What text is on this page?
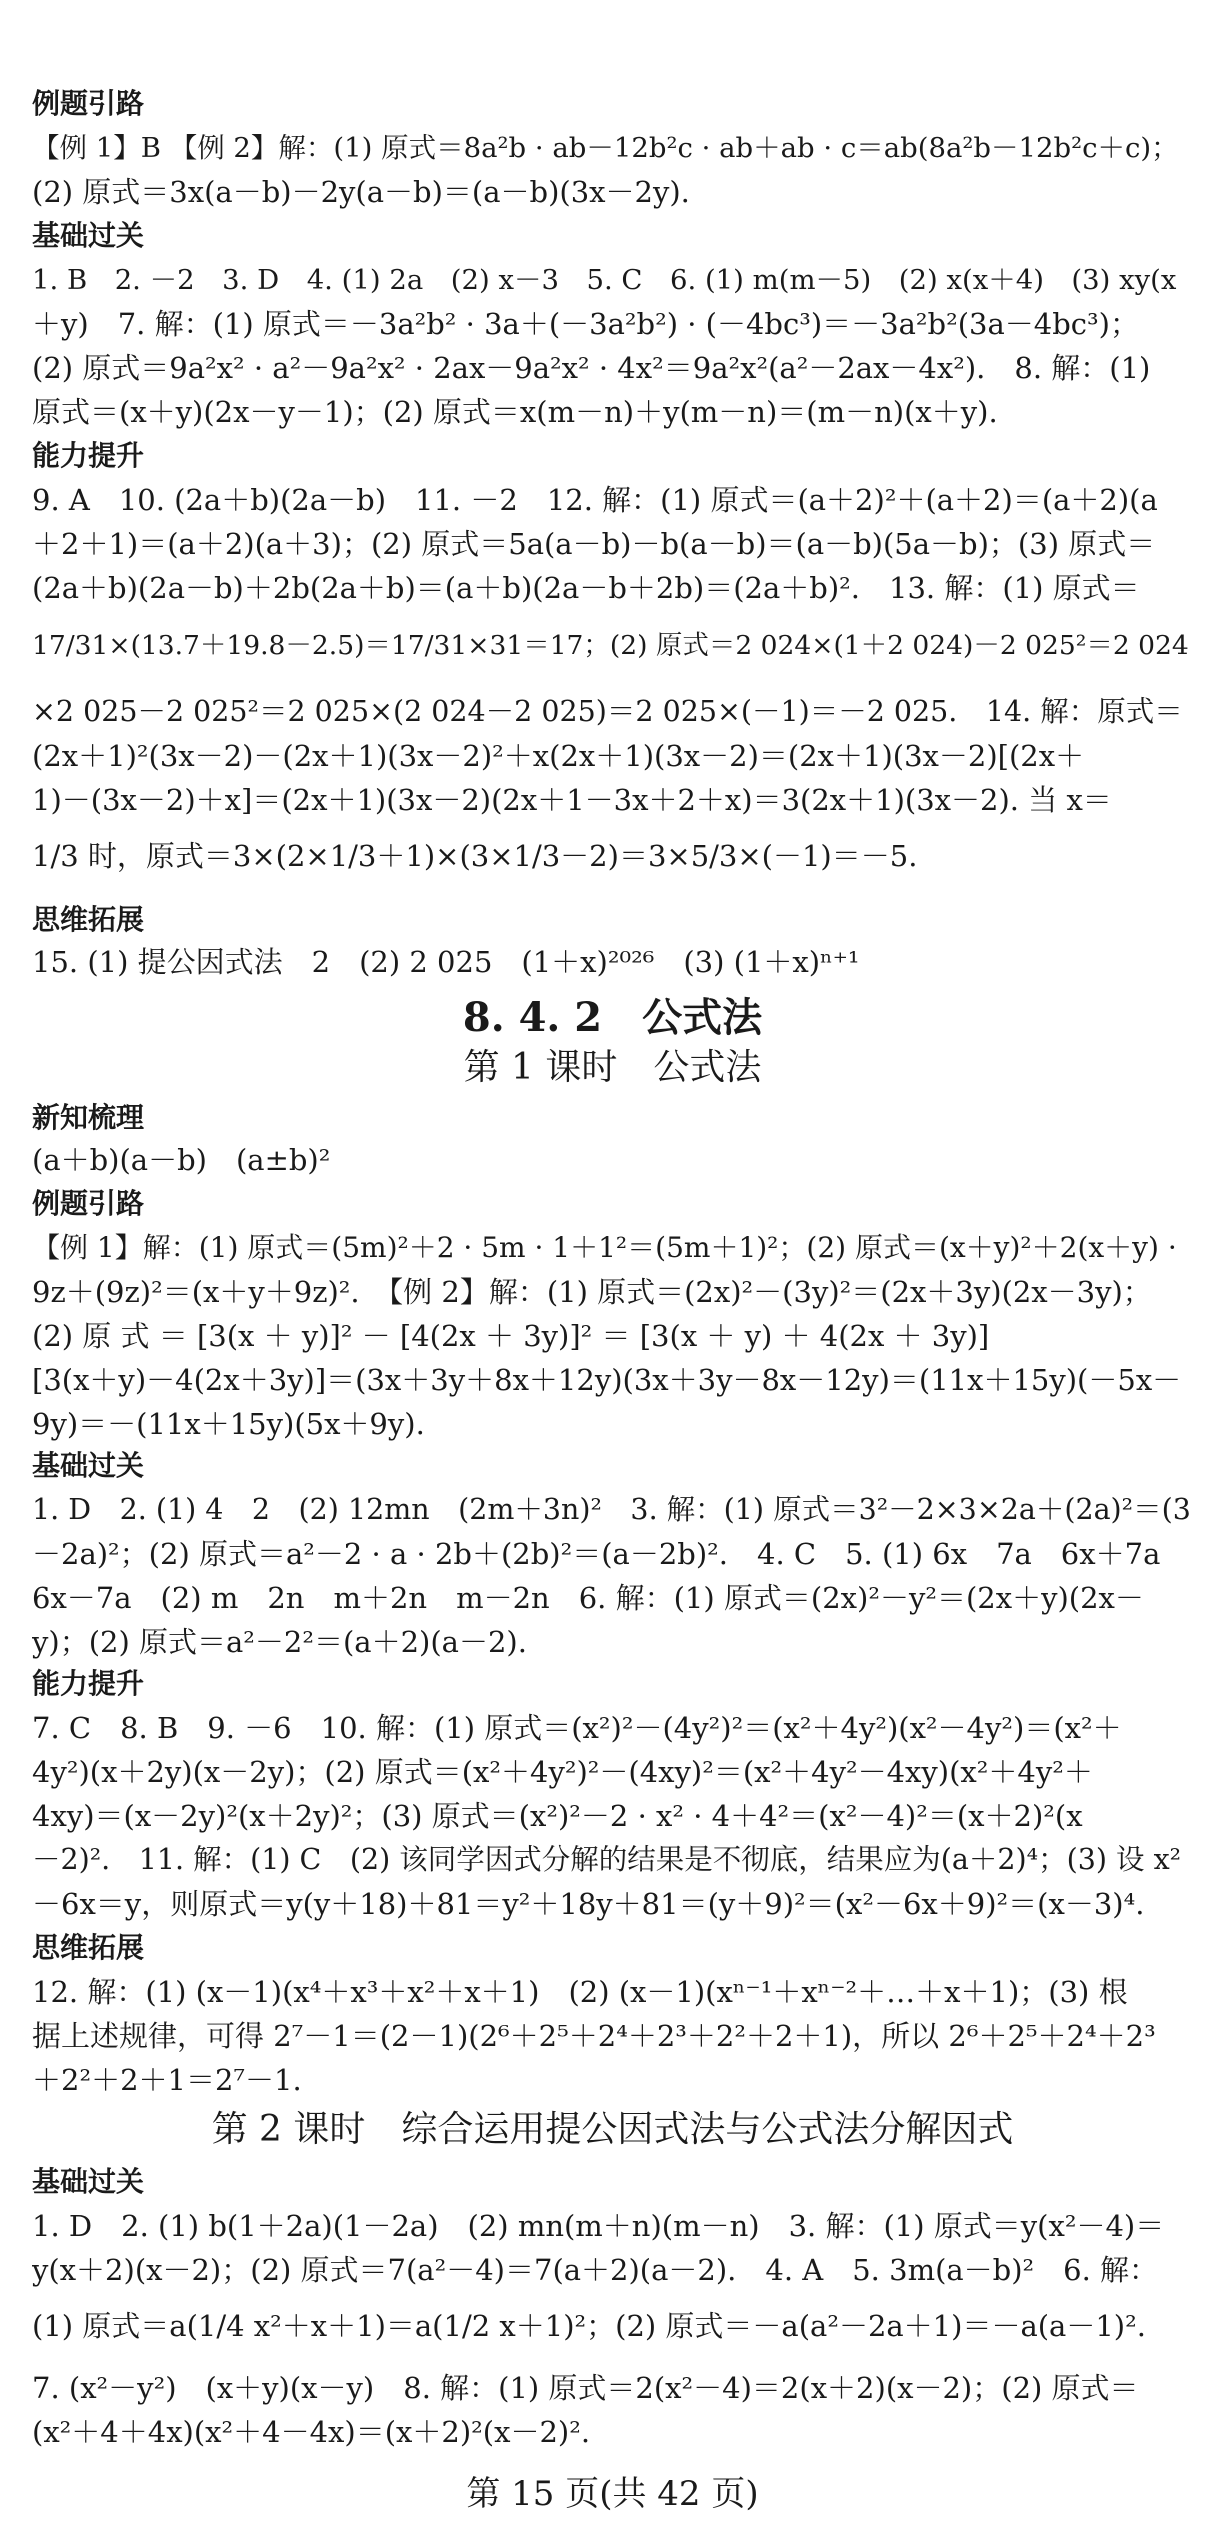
例题引路
【例 1】B 【例 2】解：(1) 原式＝8a²b · ab－12b²c · ab＋ab · c＝ab(8a²b－12b²c＋c)；
(2) 原式＝3x(a－b)－2y(a－b)＝(a－b)(3x－2y).
基础过关
1. B　2. －2　3. D　4. (1) 2a　(2) x－3　5. C　6. (1) m(m－5)　(2) x(x＋4)　(3) xy(x
＋y)　7. 解：(1) 原式＝－3a²b² · 3a＋(－3a²b²) · (－4bc³)＝－3a²b²(3a－4bc³)；
(2) 原式＝9a²x² · a²－9a²x² · 2ax－9a²x² · 4x²＝9a²x²(a²－2ax－4x²).　8. 解：(1)
原式＝(x＋y)(2x－y－1)；(2) 原式＝x(m－n)＋y(m－n)＝(m－n)(x＋y).
能力提升
9. A　10. (2a＋b)(2a－b)　11. －2　12. 解：(1) 原式＝(a＋2)²＋(a＋2)＝(a＋2)(a
＋2＋1)＝(a＋2)(a＋3)；(2) 原式＝5a(a－b)－b(a－b)＝(a－b)(5a－b)；(3) 原式＝
(2a＋b)(2a－b)＋2b(2a＋b)＝(a＋b)(2a－b＋2b)＝(2a＋b)².　13. 解：(1) 原式＝
17/31×(13.7＋19.8－2.5)＝17/31×31＝17；(2) 原式＝2 024×(1＋2 024)－2 025²＝2 024
×2 025－2 025²＝2 025×(2 024－2 025)＝2 025×(－1)＝－2 025.　14. 解：原式＝
(2x＋1)²(3x－2)－(2x＋1)(3x－2)²＋x(2x＋1)(3x－2)＝(2x＋1)(3x－2)[(2x＋
1)－(3x－2)＋x]＝(2x＋1)(3x－2)(2x＋1－3x＋2＋x)＝3(2x＋1)(3x－2). 当 x＝
1/3 时，原式＝3×(2×1/3＋1)×(3×1/3－2)＝3×5/3×(－1)＝－5.
思维拓展
15. (1) 提公因式法　2　(2) 2 025　(1＋x)²⁰²⁶　(3) (1＋x)ⁿ⁺¹
8. 4. 2　公式法
第 1 课时　公式法
新知梳理
(a＋b)(a－b)　(a±b)²
例题引路
【例 1】解：(1) 原式＝(5m)²＋2 · 5m · 1＋1²＝(5m＋1)²；(2) 原式＝(x＋y)²＋2(x＋y) ·
9z＋(9z)²＝(x＋y＋9z)².　【例 2】解：(1) 原式＝(2x)²－(3y)²＝(2x＋3y)(2x－3y)；
(2) 原 式 ＝ [3(x ＋ y)]² － [4(2x ＋ 3y)]² ＝ [3(x ＋ y) ＋ 4(2x ＋ 3y)]
[3(x＋y)－4(2x＋3y)]＝(3x＋3y＋8x＋12y)(3x＋3y－8x－12y)＝(11x＋15y)(－5x－
9y)＝－(11x＋15y)(5x＋9y).
基础过关
1. D　2. (1) 4　2　(2) 12mn　(2m＋3n)²　3. 解：(1) 原式＝3²－2×3×2a＋(2a)²＝(3
－2a)²；(2) 原式＝a²－2 · a · 2b＋(2b)²＝(a－2b)².　4. C　5. (1) 6x　7a　6x＋7a
6x－7a　(2) m　2n　m＋2n　m－2n　6. 解：(1) 原式＝(2x)²－y²＝(2x＋y)(2x－
y)；(2) 原式＝a²－2²＝(a＋2)(a－2).
能力提升
7. C　8. B　9. －6　10. 解：(1) 原式＝(x²)²－(4y²)²＝(x²＋4y²)(x²－4y²)＝(x²＋
4y²)(x＋2y)(x－2y)；(2) 原式＝(x²＋4y²)²－(4xy)²＝(x²＋4y²－4xy)(x²＋4y²＋
4xy)＝(x－2y)²(x＋2y)²；(3) 原式＝(x²)²－2 · x² · 4＋4²＝(x²－4)²＝(x＋2)²(x
－2)².　11. 解：(1) C　(2) 该同学因式分解的结果是不彻底，结果应为(a＋2)⁴；(3) 设 x²
－6x＝y，则原式＝y(y＋18)＋81＝y²＋18y＋81＝(y＋9)²＝(x²－6x＋9)²＝(x－3)⁴.
思维拓展
12. 解：(1) (x－1)(x⁴＋x³＋x²＋x＋1)　(2) (x－1)(xⁿ⁻¹＋xⁿ⁻²＋…＋x＋1)；(3) 根
据上述规律，可得 2⁷－1＝(2－1)(2⁶＋2⁵＋2⁴＋2³＋2²＋2＋1)，所以 2⁶＋2⁵＋2⁴＋2³
＋2²＋2＋1＝2⁷－1.
第 2 课时　综合运用提公因式法与公式法分解因式
基础过关
1. D　2. (1) b(1＋2a)(1－2a)　(2) mn(m＋n)(m－n)　3. 解：(1) 原式＝y(x²－4)＝
y(x＋2)(x－2)；(2) 原式＝7(a²－4)＝7(a＋2)(a－2).　4. A　5. 3m(a－b)²　6. 解：
(1) 原式＝a(1/4 x²＋x＋1)＝a(1/2 x＋1)²；(2) 原式＝－a(a²－2a＋1)＝－a(a－1)².
7. (x²－y²)　(x＋y)(x－y)　8. 解：(1) 原式＝2(x²－4)＝2(x＋2)(x－2)；(2) 原式＝
(x²＋4＋4x)(x²＋4－4x)＝(x＋2)²(x－2)².
第 15 页(共 42 页)
